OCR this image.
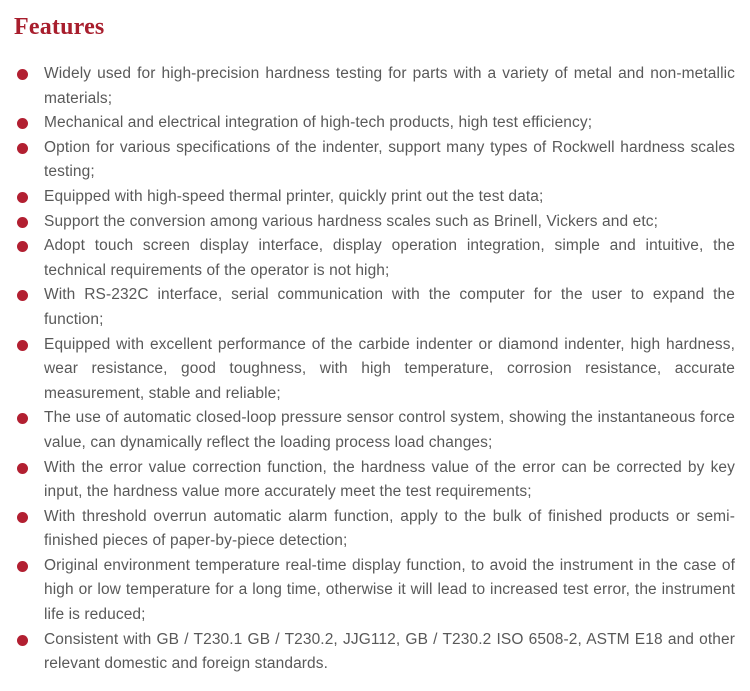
Features
Widely used for high-precision hardness testing for parts with a variety of metal and non-metallic materials;
Mechanical and electrical integration of high-tech products, high test efficiency;
Option for various specifications of the indenter, support many types of Rockwell hardness scales testing;
Equipped with high-speed thermal printer, quickly print out the test data;
Support the conversion among various hardness scales such as Brinell, Vickers and etc;
Adopt touch screen display interface, display operation integration, simple and intuitive, the technical requirements of the operator is not high;
With RS-232C interface, serial communication with the computer for the user to expand the function;
Equipped with excellent performance of the carbide indenter or diamond indenter, high hardness, wear resistance, good toughness, with high temperature, corrosion resistance, accurate measurement, stable and reliable;
The use of automatic closed-loop pressure sensor control system, showing the instantaneous force value, can dynamically reflect the loading process load changes;
With the error value correction function, the hardness value of the error can be corrected by key input, the hardness value more accurately meet the test requirements;
With threshold overrun automatic alarm function, apply to the bulk of finished products or semi-finished pieces of paper-by-piece detection;
Original environment temperature real-time display function, to avoid the instrument in the case of high or low temperature for a long time, otherwise it will lead to increased test error, the instrument life is reduced;
Consistent with GB / T230.1 GB / T230.2, JJG112, GB / T230.2 ISO 6508-2, ASTM E18 and other relevant domestic and foreign standards.
